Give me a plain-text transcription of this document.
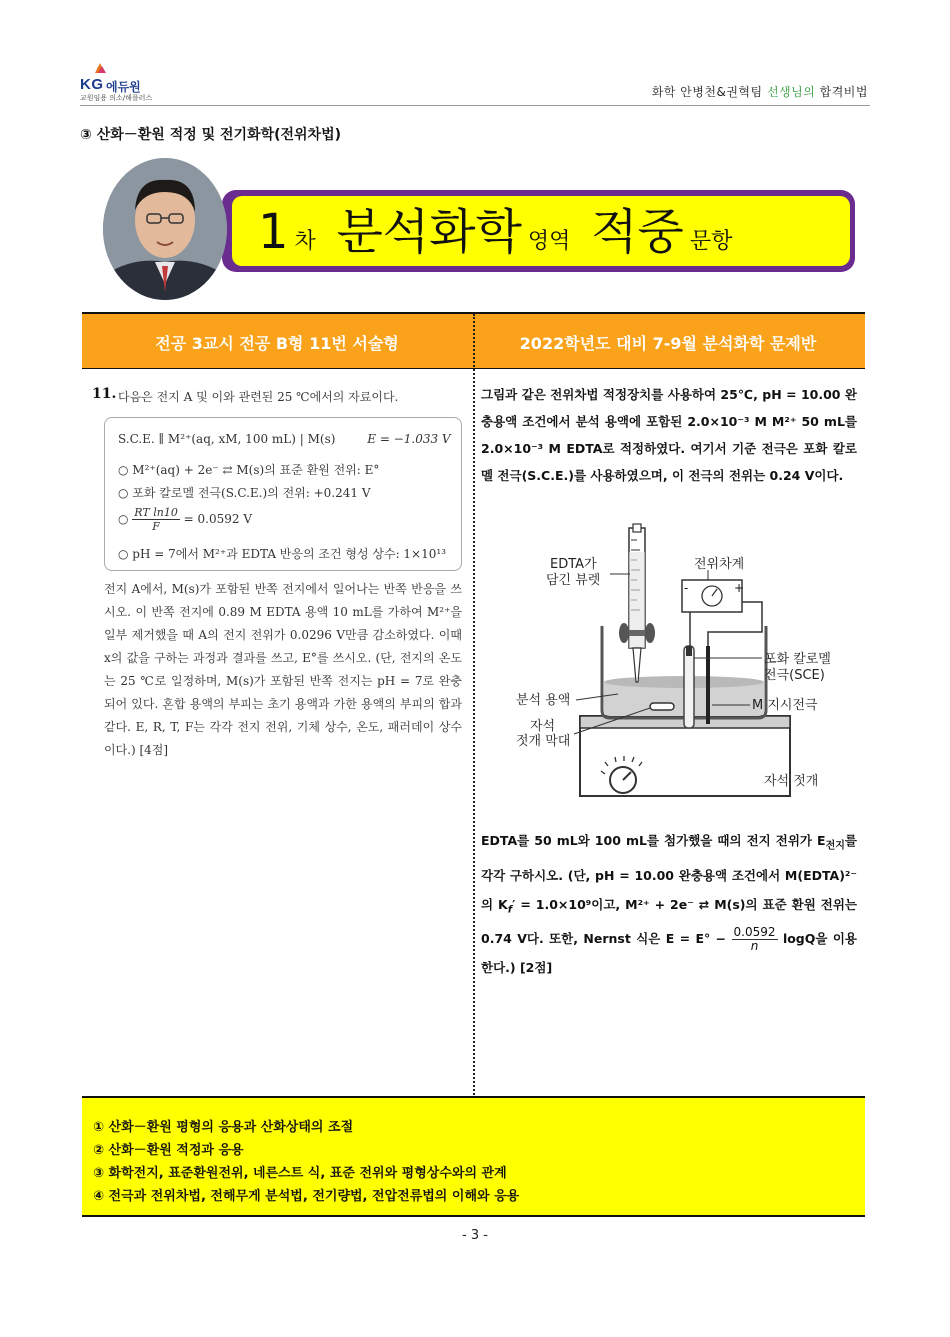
KG 에듀원
교원임용 의소/해플러스	화학 안병천&권혁팀 선생님의 합격비법
③ 산화－환원 적정 및 전기화학(전위차법)
1 차 분석화학 영역 적중 문항
전공 3교시 전공 B형 11번 서술형	2022학년도 대비 7-9월 분석화학 문제반
11. 다음은 전지 A 및 이와 관련된 25 ℃에서의 자료이다.
S.C.E. ∥ M²⁺(aq, xM, 100 mL) | M(s)	E = −1.033 V
○ M²⁺(aq) + 2e⁻ ⇄ M(s)의 표준 환원 전위: E°
○ 포화 칼로멜 전극(S.C.E.)의 전위: +0.241 V
○ $\frac{\text{RT ln10}}{F} = 0.0592$ V
○ pH = 7에서 M²⁺과 EDTA 반응의 조건 형성 상수: 1×10¹³
전지 A에서, M(s)가 포함된 반쪽 전지에서 일어나는 반쪽 반응을 쓰시오. 이 반쪽 전지에 0.89 M EDTA 용액 10 mL를 가하여 M²⁺을 일부 제거했을 때 A의 전지 전위가 0.0296 V만큼 감소하였다. 이때 x의 값을 구하는 과정과 결과를 쓰고, E°를 쓰시오. (단, 전지의 온도는 25 ℃로 일정하며, M(s)가 포함된 반쪽 전지는 pH = 7로 완충되어 있다. 혼합 용액의 부피는 초기 용액과 가한 용액의 부피의 합과 같다. E, R, T, F는 각각 전지 전위, 기체 상수, 온도, 패러데이 상수이다.) [4점]
그림과 같은 전위차법 적정장치를 사용하여 25℃, pH = 10.00 완충용액 조건에서 분석 용액에 포함된 2.0×10⁻³ M M²⁺ 50 mL를 2.0×10⁻³ M EDTA로 적정하였다. 여기서 기준 전극은 포화 칼로멜 전극(S.C.E.)를 사용하였으며, 이 전극의 전위는 0.24 V이다.
-	+
EDTA가
담긴 뷰렛
전위차계
포화 칼로멜
전극(SCE)
M 지시전극
분석 용액
자석
젓개 막대
자석 젓개
EDTA를 50 mL와 100 mL를 첨가했을 때의 전지 전위가 $E_{전지}$를 각각 구하시오. (단, pH = 10.00 완충용액 조건에서 M(EDTA)²⁻의 $K_f' = 1.0\times 10^9$이고, M²⁺ + 2e⁻ ⇄ M(s)의 표준 환원 전위는 0.74 V다. 또한, Nernst 식은 $E = E^\circ - \frac{0.0592}{n}$ logQ을 이용한다.) [2점]
① 산화－환원 평형의 응용과 산화상태의 조절
② 산화－환원 적정과 응용
③ 화학전지, 표준환원전위, 네른스트 식, 표준 전위와 평형상수와의 관계
④ 전극과 전위차법, 전해무게 분석법, 전기량법, 전압전류법의 이해와 응용
- 3 -
